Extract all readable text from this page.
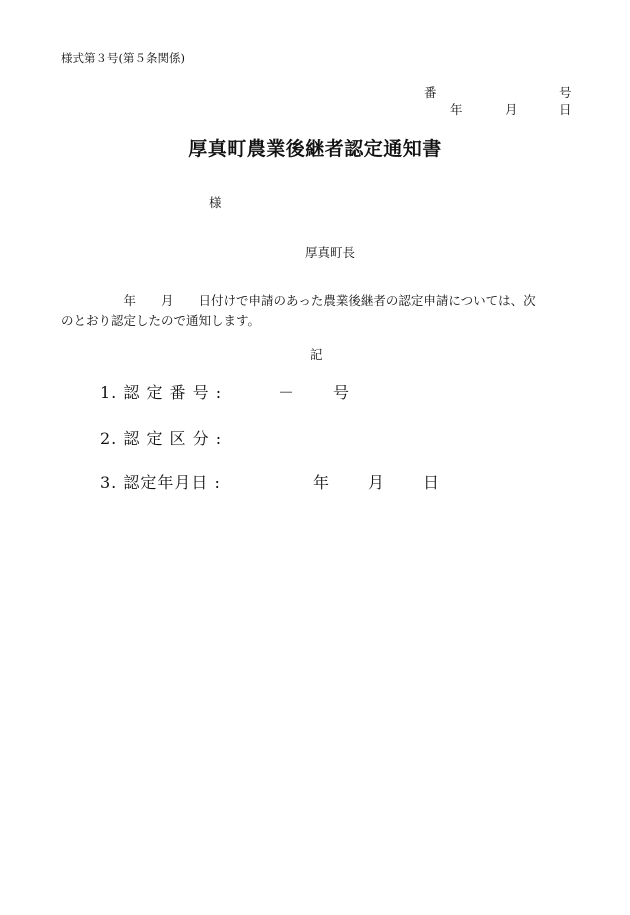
様式第３号(第５条関係)
番	号
年	月	日
厚真町農業後継者認定通知書
様
厚真町長
　　　　　年　　月　　日付けで申請のあった農業後継者の認定申請については、次
のとおり認定したので通知します。
記
1. 認 定 番 号 :	－ 号
2. 認 定 区 分 :
3. 認定年月日 :	年 月 日
